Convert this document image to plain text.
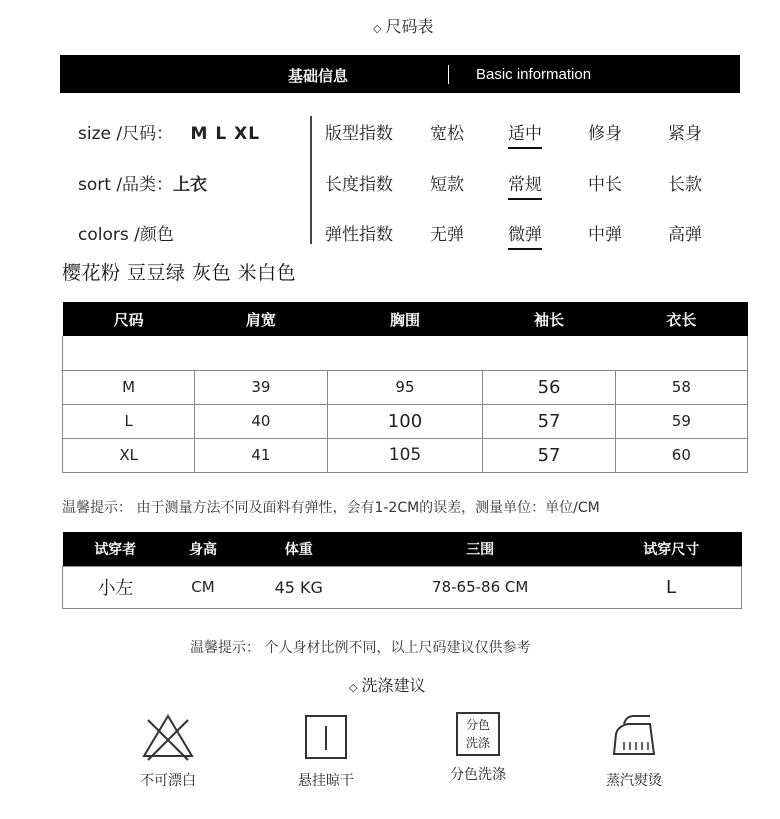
◇ 尺码表
基础信息	Basic information
size /尺码： M L XL
sort /品类：上衣
colors /颜色
版型指数 宽松	适中	修身	紧身
长度指数 短款	常规	中长	长款
弹性指数 无弹	微弹	中弹	高弹
樱花粉 豆豆绿 灰色 米白色
尺码	肩宽	胸围	袖长	衣长

M	39	95	56	58
L	40	100	57	59
XL	41	105	57	60
温馨提示： 由于测量方法不同及面料有弹性，会有1-2CM的误差，测量单位：单位/CM
试穿者	身高	体重	三围	试穿尺寸
小左	CM	45 KG	78-65-86 CM	L
温馨提示： 个人身材比例不同，以上尺码建议仅供参考
◇ 洗涤建议
不可漂白	悬挂晾干
分色
洗涤
分色洗涤	蒸汽熨烫
